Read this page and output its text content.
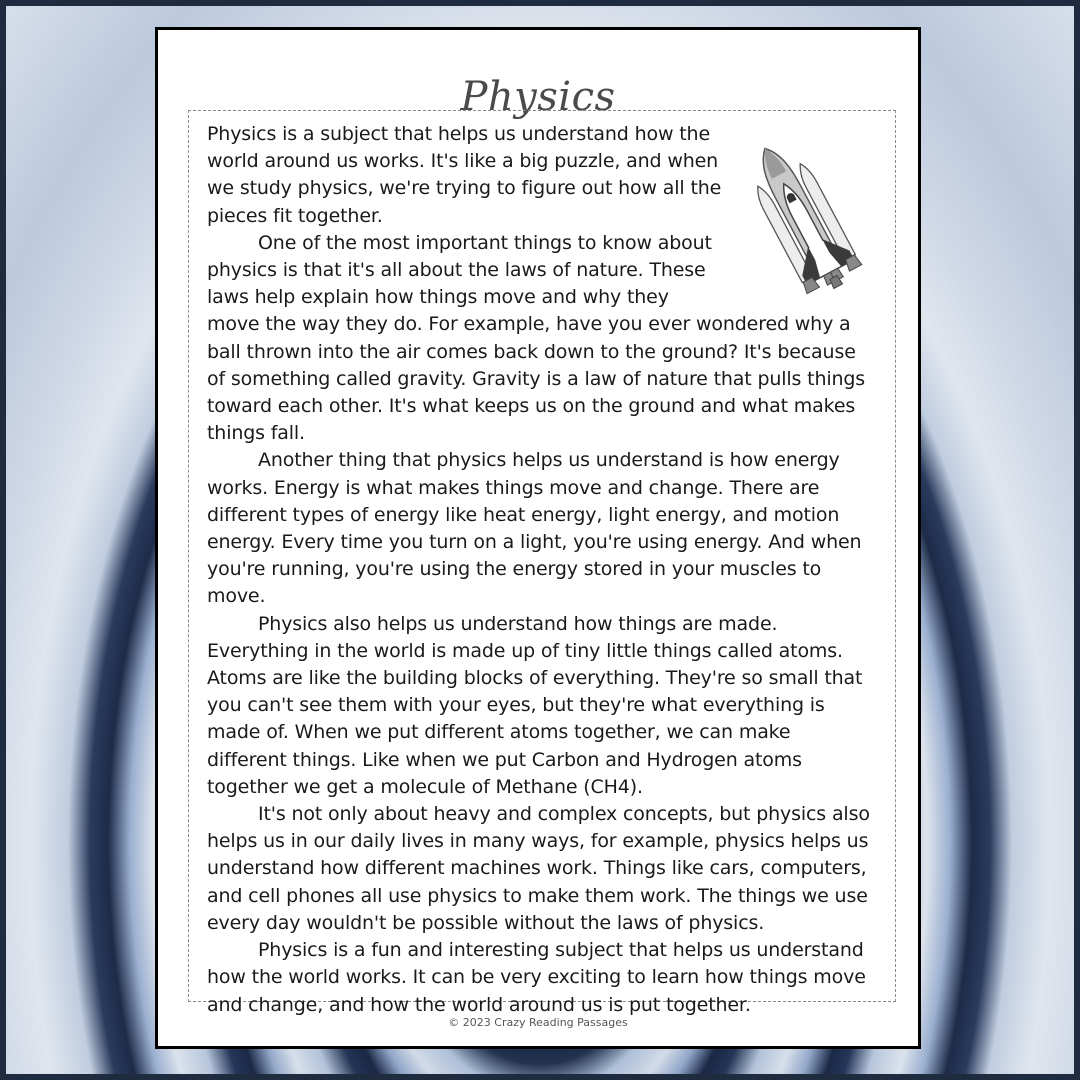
Physics

Physics is a subject that helps us understand how the world around us works. It's like a big puzzle, and when we study physics, we're trying to figure out how all the pieces fit together.

One of the most important things to know about physics is that it's all about the laws of nature. These laws help explain how things move and why they move the way they do. For example, have you ever wondered why a ball thrown into the air comes back down to the ground? It's because of something called gravity. Gravity is a law of nature that pulls things toward each other. It's what keeps us on the ground and what makes things fall.

Another thing that physics helps us understand is how energy works. Energy is what makes things move and change. There are different types of energy like heat energy, light energy, and motion energy. Every time you turn on a light, you're using energy. And when you're running, you're using the energy stored in your muscles to move.

Physics also helps us understand how things are made. Everything in the world is made up of tiny little things called atoms. Atoms are like the building blocks of everything. They're so small that you can't see them with your eyes, but they're what everything is made of. When we put different atoms together, we can make different things. Like when we put Carbon and Hydrogen atoms together we get a molecule of Methane (CH4).

It's not only about heavy and complex concepts, but physics also helps us in our daily lives in many ways, for example, physics helps us understand how different machines work. Things like cars, computers, and cell phones all use physics to make them work. The things we use every day wouldn't be possible without the laws of physics.

Physics is a fun and interesting subject that helps us understand how the world works. It can be very exciting to learn how things move and change, and how the world around us is put together.

© 2023 Crazy Reading Passages
